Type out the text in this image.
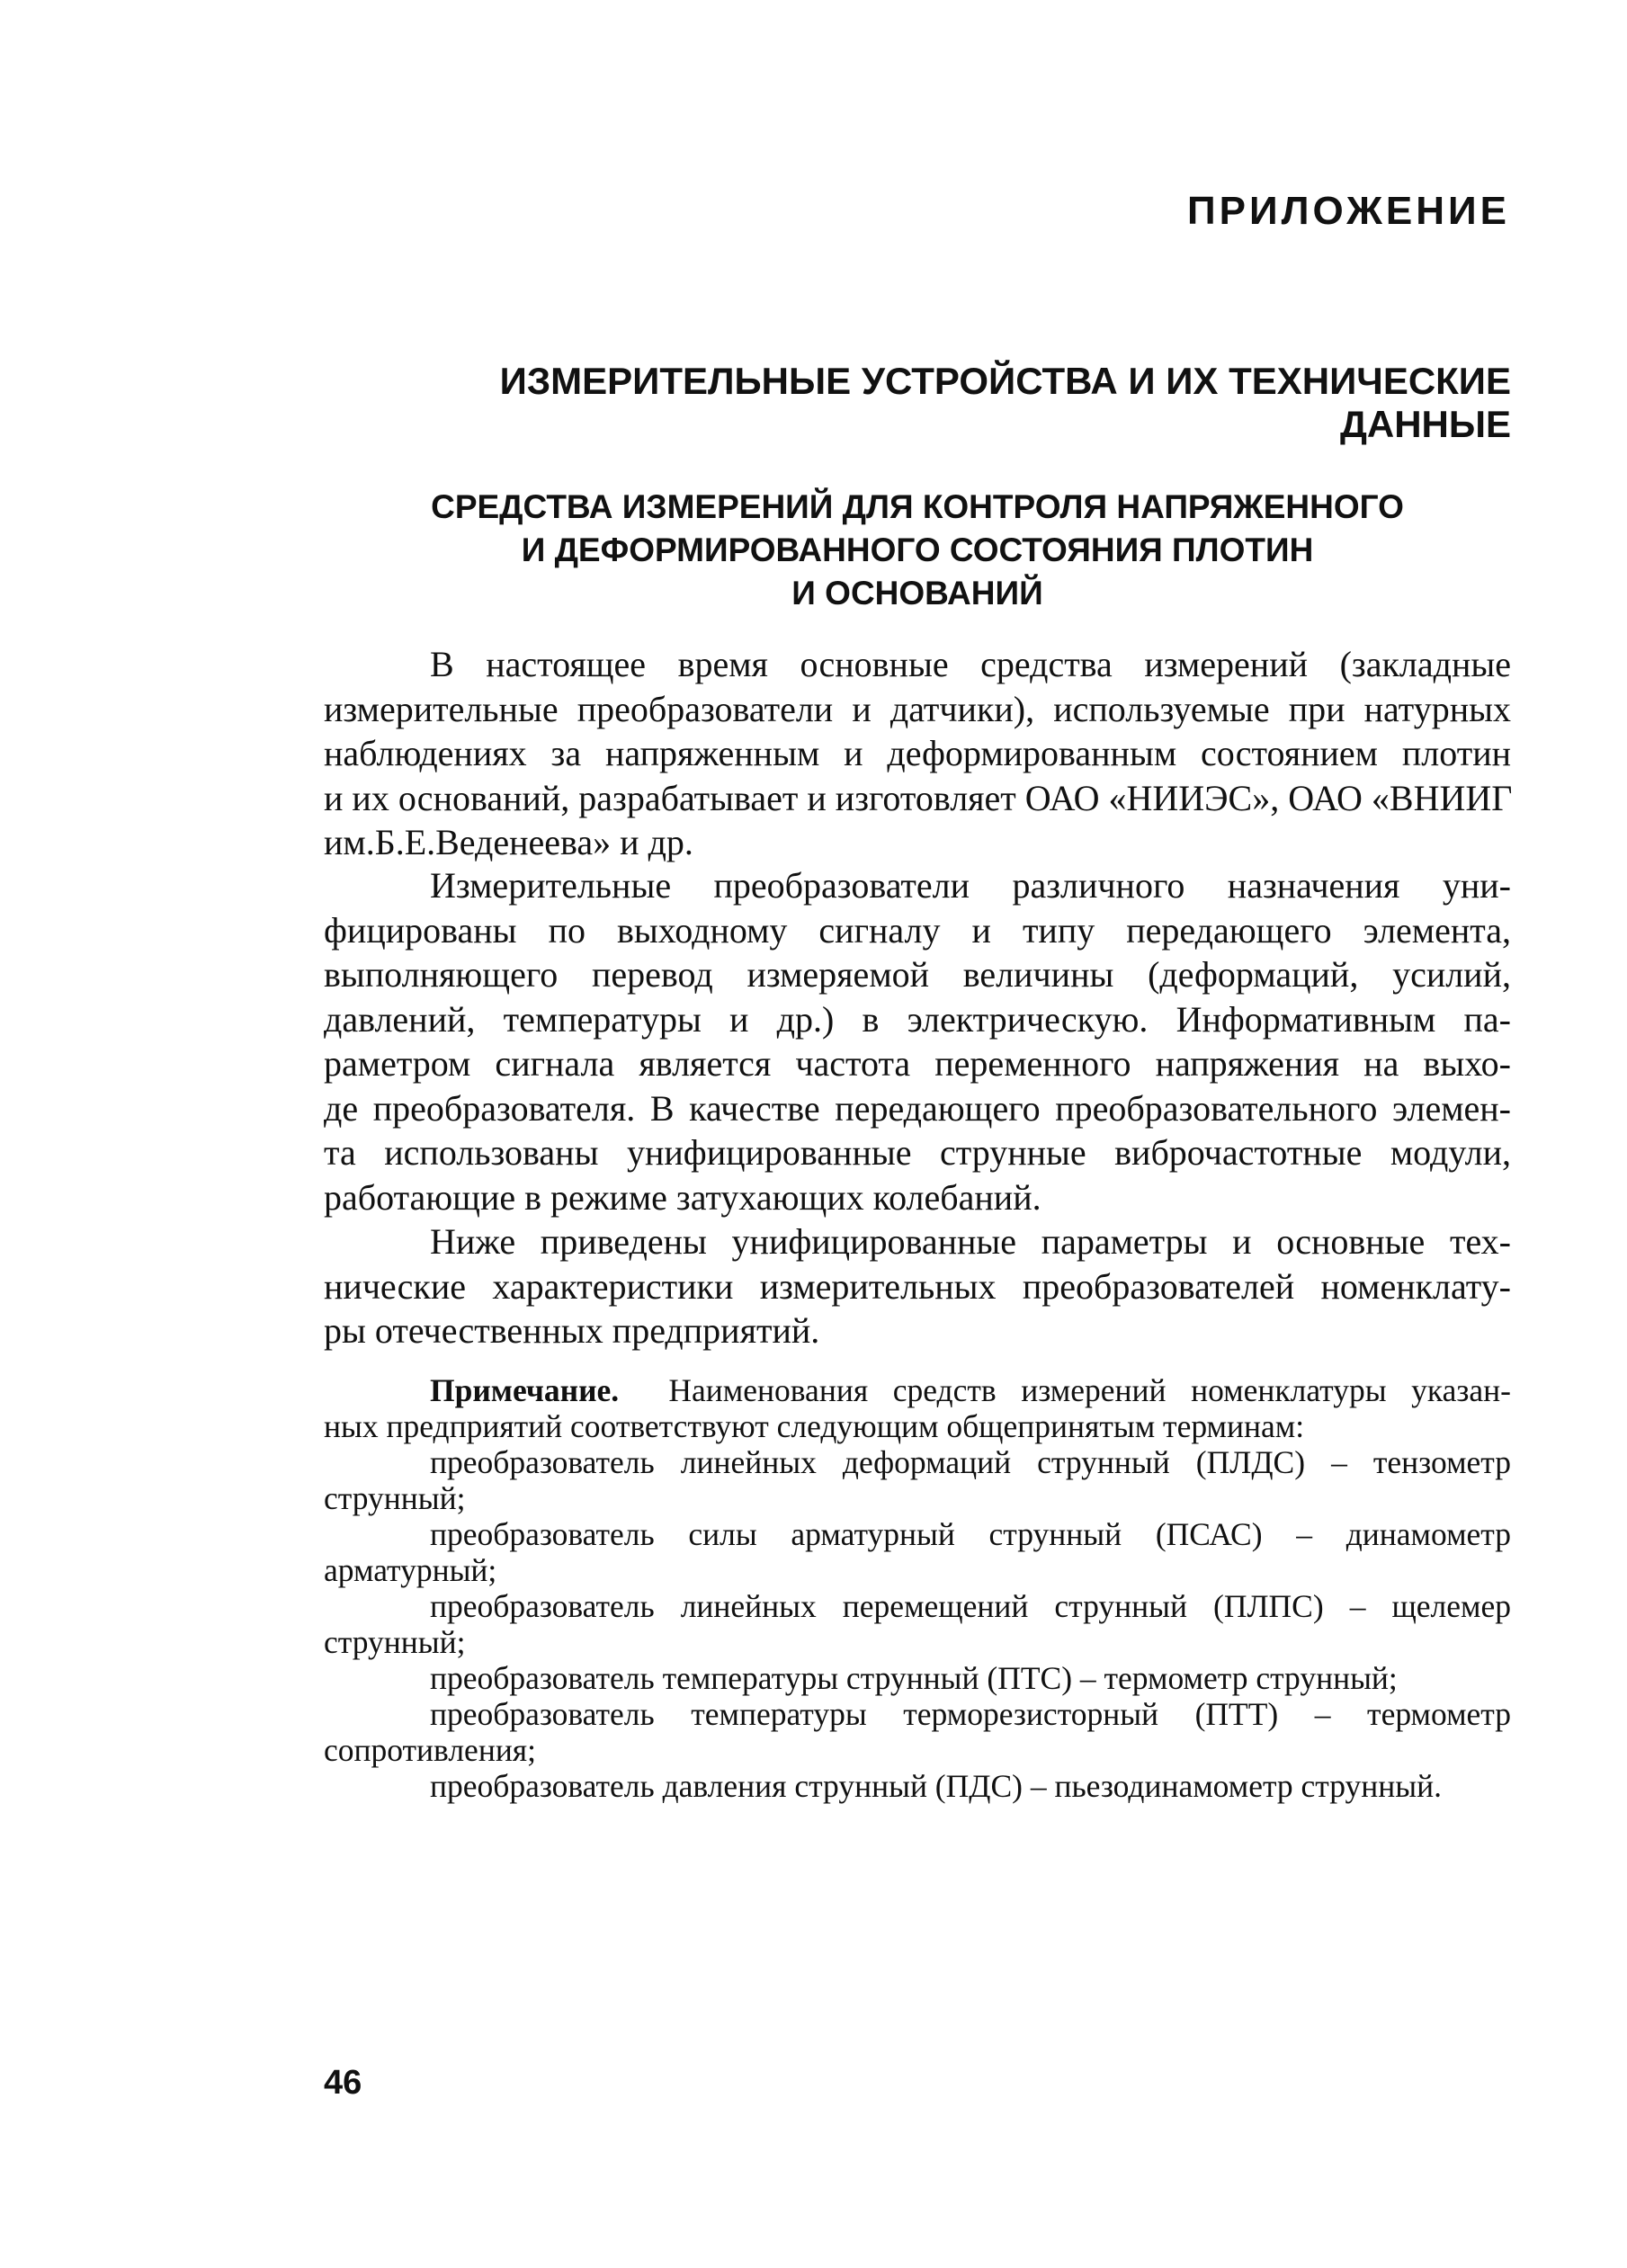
ПРИЛОЖЕНИЕ
ИЗМЕРИТЕЛЬНЫЕ УСТРОЙСТВА И ИХ ТЕХНИЧЕСКИЕ ДАННЫЕ
СРЕДСТВА ИЗМЕРЕНИЙ ДЛЯ КОНТРОЛЯ НАПРЯЖЕННОГО
И ДЕФОРМИРОВАННОГО СОСТОЯНИЯ ПЛОТИН
И ОСНОВАНИЙ
В настоящее время основные средства измерений (закладные
измерительные преобразователи и датчики), используемые при натурных
наблюдениях за напряженным и деформированным состоянием плотин
и их оснований, разрабатывает и изготовляет ОАО «НИИЭС», ОАО «ВНИИГ
им.Б.Е.Веденеева» и др.
Измерительные преобразователи различного назначения уни-
фицированы по выходному сигналу и типу передающего элемента,
выполняющего перевод измеряемой величины (деформаций, усилий,
давлений, температуры и др.) в электрическую. Информативным па-
раметром сигнала является частота переменного напряжения на выхо-
де преобразователя. В качестве передающего преобразовательного элемен-
та использованы унифицированные струнные виброчастотные модули,
работающие в режиме затухающих колебаний.
Ниже приведены унифицированные параметры и основные тех-
нические характеристики измерительных преобразователей номенклату-
ры отечественных предприятий.
Примечание. Наименования средств измерений номенклатуры указан-
ных предприятий соответствуют следующим общепринятым терминам:
преобразователь линейных деформаций струнный (ПЛДС) – тензометр
струнный;
преобразователь силы арматурный струнный (ПСАС) – динамометр
арматурный;
преобразователь линейных перемещений струнный (ПЛПС) – щелемер
струнный;
преобразователь температуры струнный (ПТС) – термометр струнный;
преобразователь температуры терморезисторный (ПТТ) – термометр
сопротивления;
преобразователь давления струнный (ПДС) – пьезодинамометр струнный.
46
